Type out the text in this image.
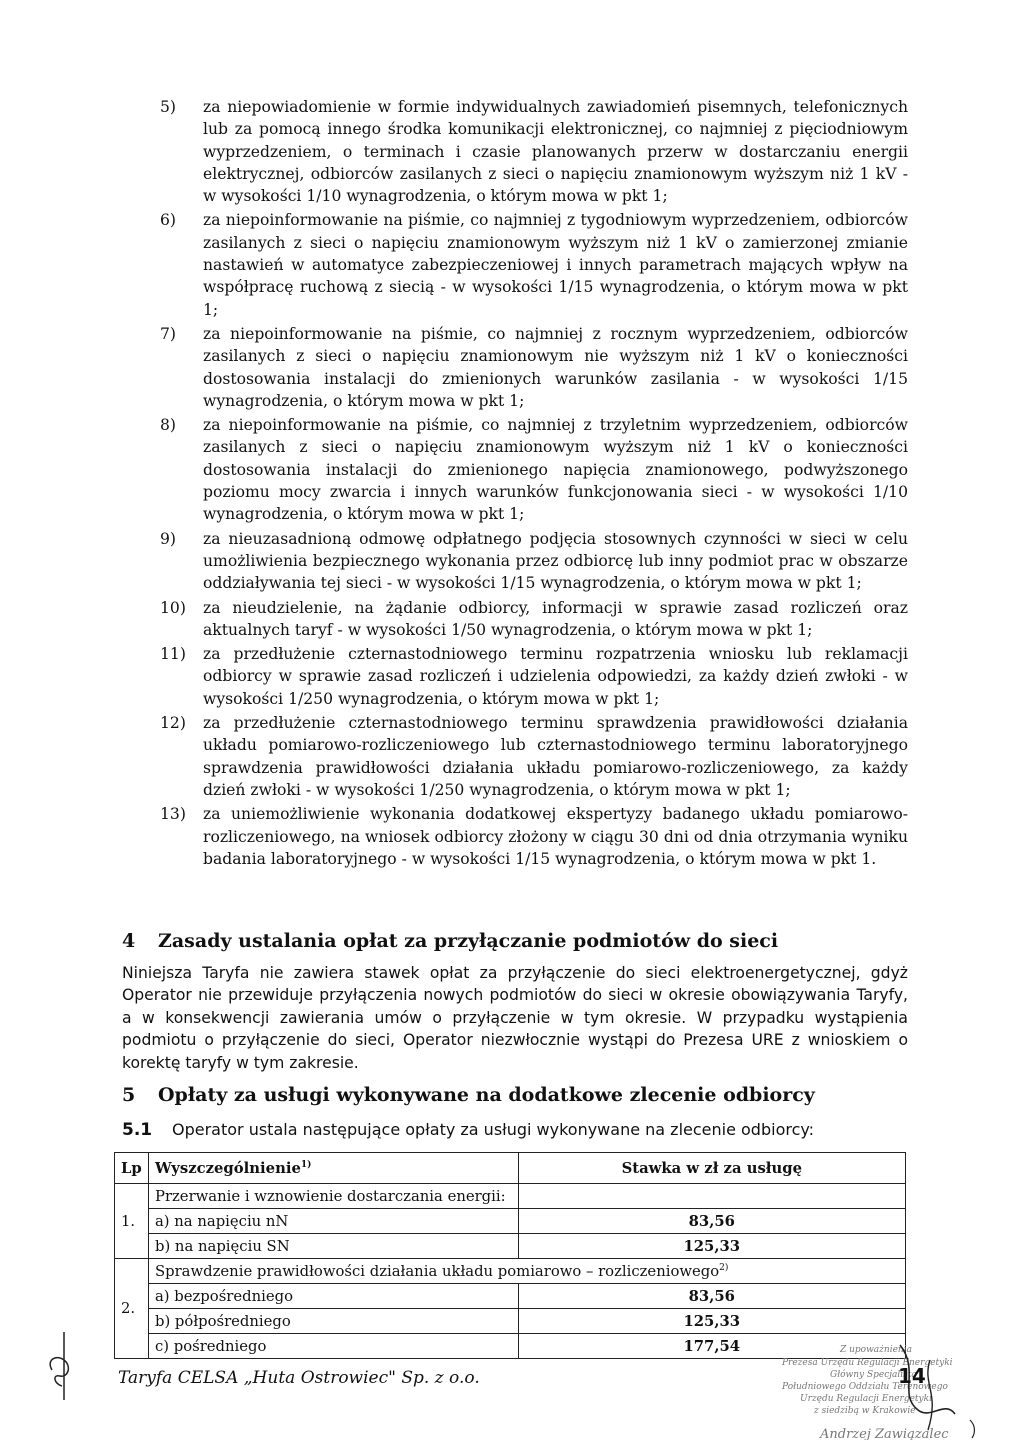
5)	za niepowiadomienie w formie indywidualnych zawiadomień pisemnych, telefonicznych lub za pomocą innego środka komunikacji elektronicznej, co najmniej z pięciodniowym wyprzedzeniem, o terminach i czasie planowanych przerw w dostarczaniu energii elektrycznej, odbiorców zasilanych z sieci o napięciu znamionowym wyższym niż 1 kV - w wysokości 1/10 wynagrodzenia, o którym mowa w pkt 1;
6)	za niepoinformowanie na piśmie, co najmniej z tygodniowym wyprzedzeniem, odbiorców zasilanych z sieci o napięciu znamionowym wyższym niż 1 kV o zamierzonej zmianie nastawień w automatyce zabezpieczeniowej i innych parametrach mających wpływ na współpracę ruchową z siecią - w wysokości 1/15 wynagrodzenia, o którym mowa w pkt 1;
7)	za niepoinformowanie na piśmie, co najmniej z rocznym wyprzedzeniem, odbiorców zasilanych z sieci o napięciu znamionowym nie wyższym niż 1 kV o konieczności dostosowania instalacji do zmienionych warunków zasilania - w wysokości 1/15 wynagrodzenia, o którym mowa w pkt 1;
8)	za niepoinformowanie na piśmie, co najmniej z trzyletnim wyprzedzeniem, odbiorców zasilanych z sieci o napięciu znamionowym wyższym niż 1 kV o konieczności dostosowania instalacji do zmienionego napięcia znamionowego, podwyższonego poziomu mocy zwarcia i innych warunków funkcjonowania sieci - w wysokości 1/10 wynagrodzenia, o którym mowa w pkt 1;
9)	za nieuzasadnioną odmowę odpłatnego podjęcia stosownych czynności w sieci w celu umożliwienia bezpiecznego wykonania przez odbiorcę lub inny podmiot prac w obszarze oddziaływania tej sieci - w wysokości 1/15 wynagrodzenia, o którym mowa w pkt 1;
10)	za nieudzielenie, na żądanie odbiorcy, informacji w sprawie zasad rozliczeń oraz aktualnych taryf - w wysokości 1/50 wynagrodzenia, o którym mowa w pkt 1;
11)	za przedłużenie czternastodniowego terminu rozpatrzenia wniosku lub reklamacji odbiorcy w sprawie zasad rozliczeń i udzielenia odpowiedzi, za każdy dzień zwłoki - w wysokości 1/250 wynagrodzenia, o którym mowa w pkt 1;
12)	za przedłużenie czternastodniowego terminu sprawdzenia prawidłowości działania układu pomiarowo-rozliczeniowego lub czternastodniowego terminu laboratoryjnego sprawdzenia prawidłowości działania układu pomiarowo-rozliczeniowego, za każdy dzień zwłoki - w wysokości 1/250 wynagrodzenia, o którym mowa w pkt 1;
13)	za uniemożliwienie wykonania dodatkowej ekspertyzy badanego układu pomiarowo-rozliczeniowego, na wniosek odbiorcy złożony w ciągu 30 dni od dnia otrzymania wyniku badania laboratoryjnego - w wysokości 1/15 wynagrodzenia, o którym mowa w pkt 1.
4 Zasady ustalania opłat za przyłączanie podmiotów do sieci
Niniejsza Taryfa nie zawiera stawek opłat za przyłączenie do sieci elektroenergetycznej, gdyż Operator nie przewiduje przyłączenia nowych podmiotów do sieci w okresie obowiązywania Taryfy, a w konsekwencji zawierania umów o przyłączenie w tym okresie. W przypadku wystąpienia podmiotu o przyłączenie do sieci, Operator niezwłocznie wystąpi do Prezesa URE z wnioskiem o korektę taryfy w tym zakresie.
5 Opłaty za usługi wykonywane na dodatkowe zlecenie odbiorcy
5.1 Operator ustala następujące opłaty za usługi wykonywane na zlecenie odbiorcy:
Lp	Wyszczególnienie$^{1)}$	Stawka w zł za usługę
1.	Przerwanie i wznowienie dostarczania energii:	
	a) na napięciu nN	83,56
	b) na napięciu SN	125,33
2.	Sprawdzenie prawidłowości działania układu pomiarowo – rozliczeniowego$^{2)}$
	a) bezpośredniego	83,56
	b) półpośredniego	125,33
	c) pośredniego	177,54
Taryfa CELSA „Huta Ostrowiec" Sp. z o.o.
Z upoważnienia
Prezesa Urzędu Regulacji Energetyki
Główny Specjalista
Południowego Oddziału Terenowego
Urzędu Regulacji Energetyki
z siedzibą w Krakowie
Andrzej Zawiązalec
14
